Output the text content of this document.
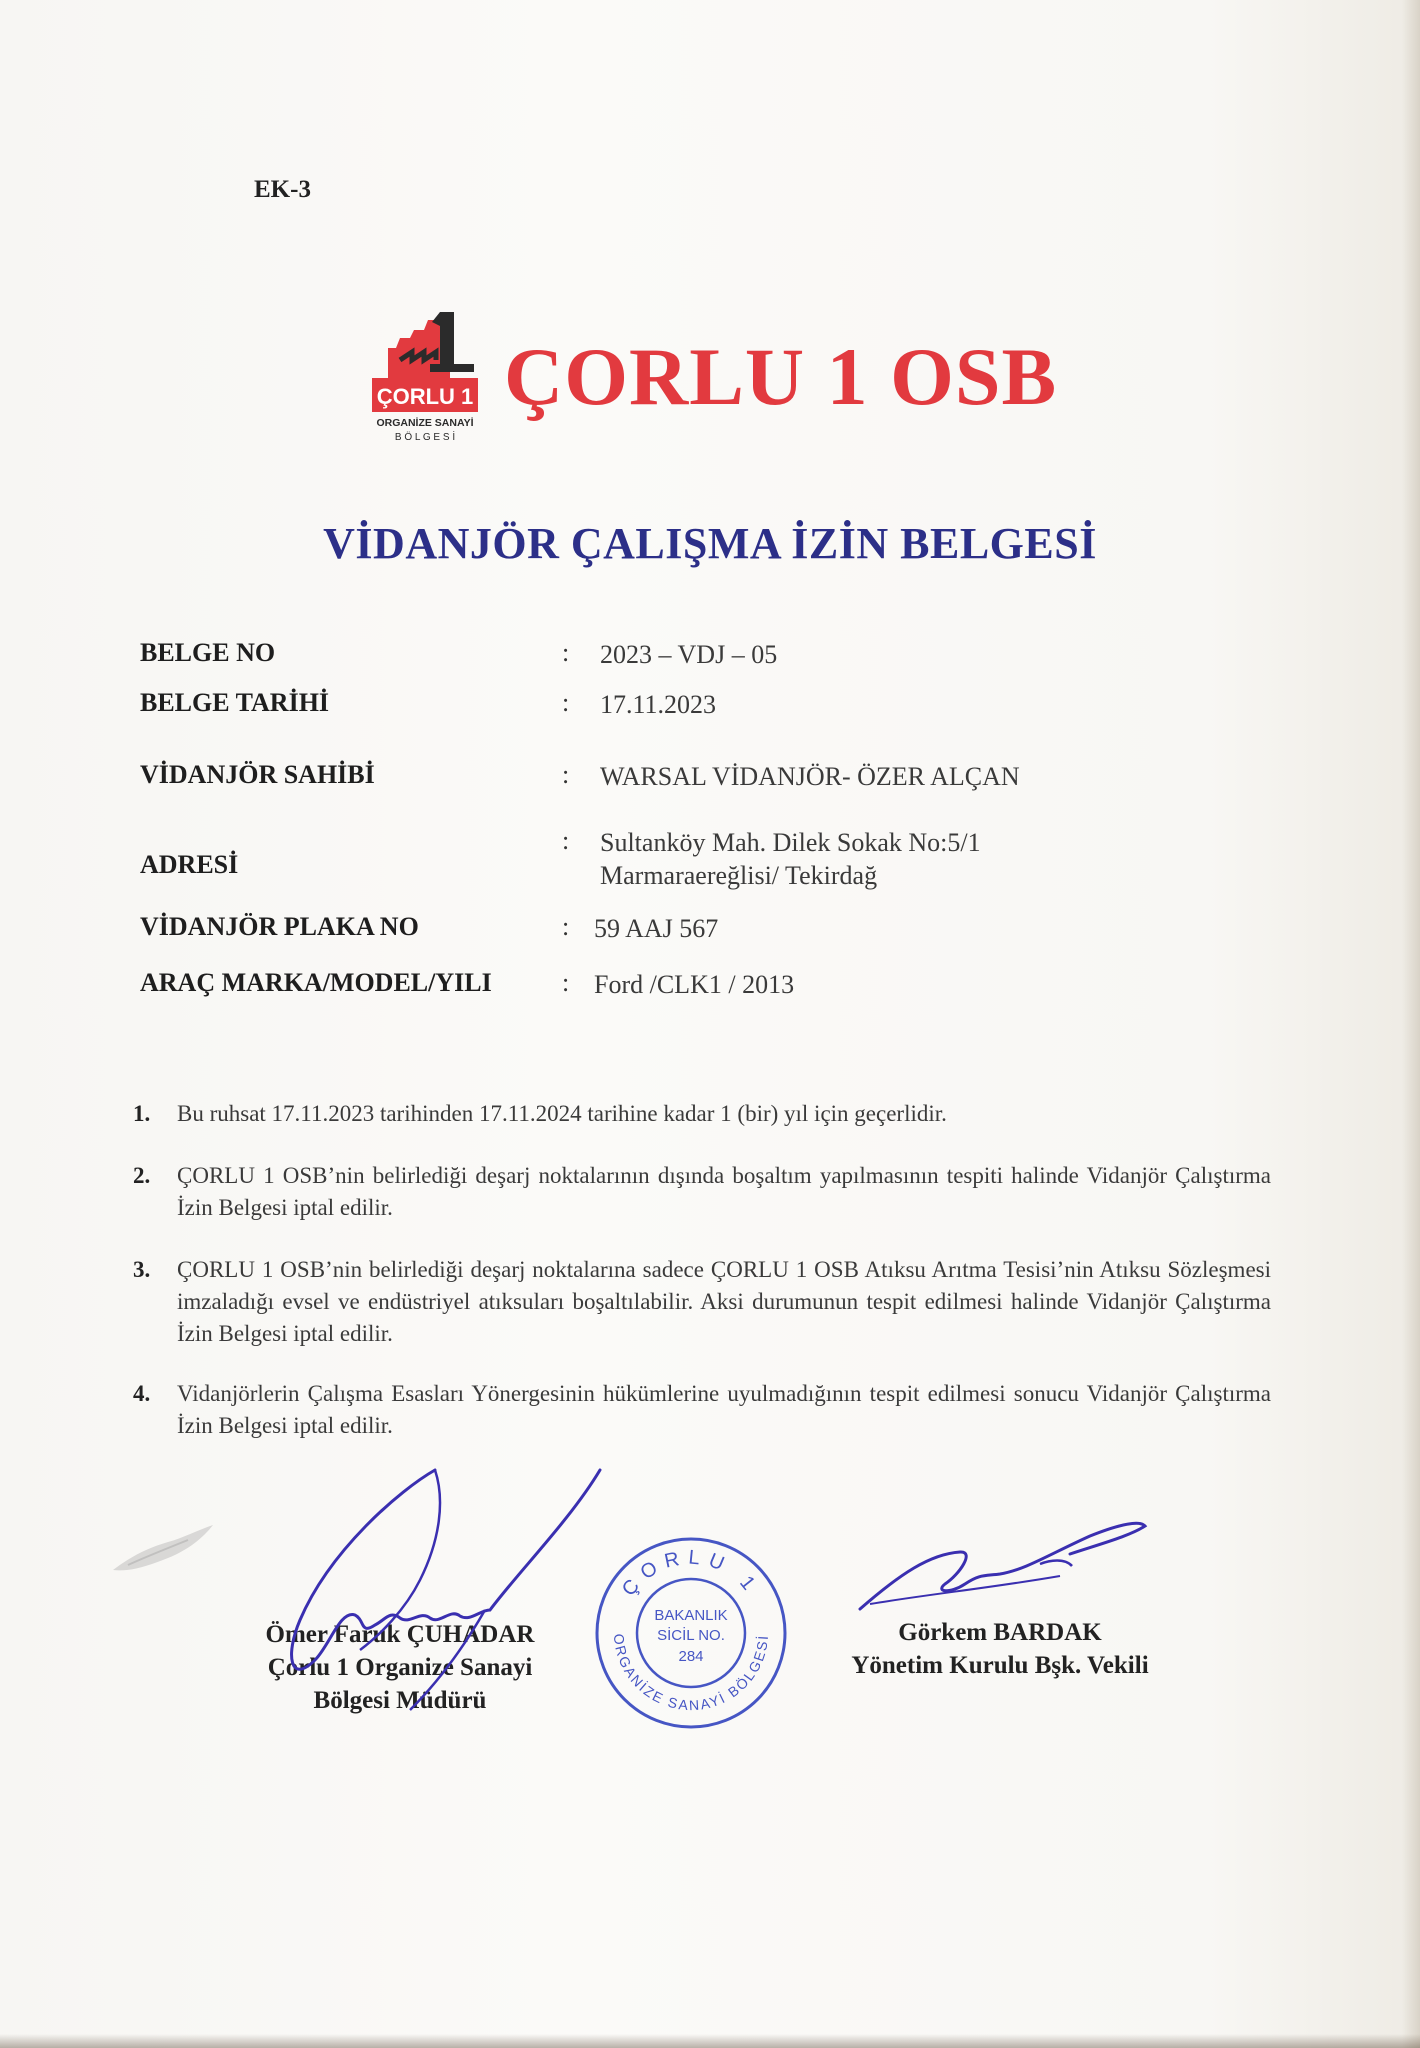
EK-3
ÇORLU 1
ORGANİZE SANAYİ
B Ö L G E S İ
ÇORLU 1 OSB
VİDANJÖR ÇALIŞMA İZİN BELGESİ
BELGE NO	: 2023 – VDJ – 05
BELGE TARİHİ	: 17.11.2023
VİDANJÖR SAHİBİ	: WARSAL VİDANJÖR- ÖZER ALÇAN
ADRESİ
: Sultanköy Mah. Dilek Sokak No:5/1 Marmaraereğlisi/ Tekirdağ
VİDANJÖR PLAKA NO	: 59 AAJ 567
ARAÇ MARKA/MODEL/YILI	: Ford /CLK1 / 2013
1.	Bu ruhsat 17.11.2023 tarihinden 17.11.2024 tarihine kadar 1 (bir) yıl için geçerlidir.
2.	ÇORLU 1 OSB’nin belirlediği deşarj noktalarının dışında boşaltım yapılmasının tespiti halinde Vidanjör Çalıştırma İzin Belgesi iptal edilir.
3.	ÇORLU 1 OSB’nin belirlediği deşarj noktalarına sadece ÇORLU 1 OSB Atıksu Arıtma Tesisi’nin Atıksu Sözleşmesi imzaladığı evsel ve endüstriyel atıksuları boşaltılabilir. Aksi durumunun tespit edilmesi halinde Vidanjör Çalıştırma İzin Belgesi iptal edilir.
4.	Vidanjörlerin Çalışma Esasları Yönergesinin hükümlerine uyulmadığının tespit edilmesi sonucu Vidanjör Çalıştırma İzin Belgesi iptal edilir.
Ömer Faruk ÇUHADAR
Çorlu 1 Organize Sanayi
Bölgesi Müdürü
Görkem BARDAK
Yönetim Kurulu Bşk. Vekili
ÇORLU 1
ORGANİZE SANAYİ BÖLGESİ
BAKANLIK
SİCİL NO.
284
